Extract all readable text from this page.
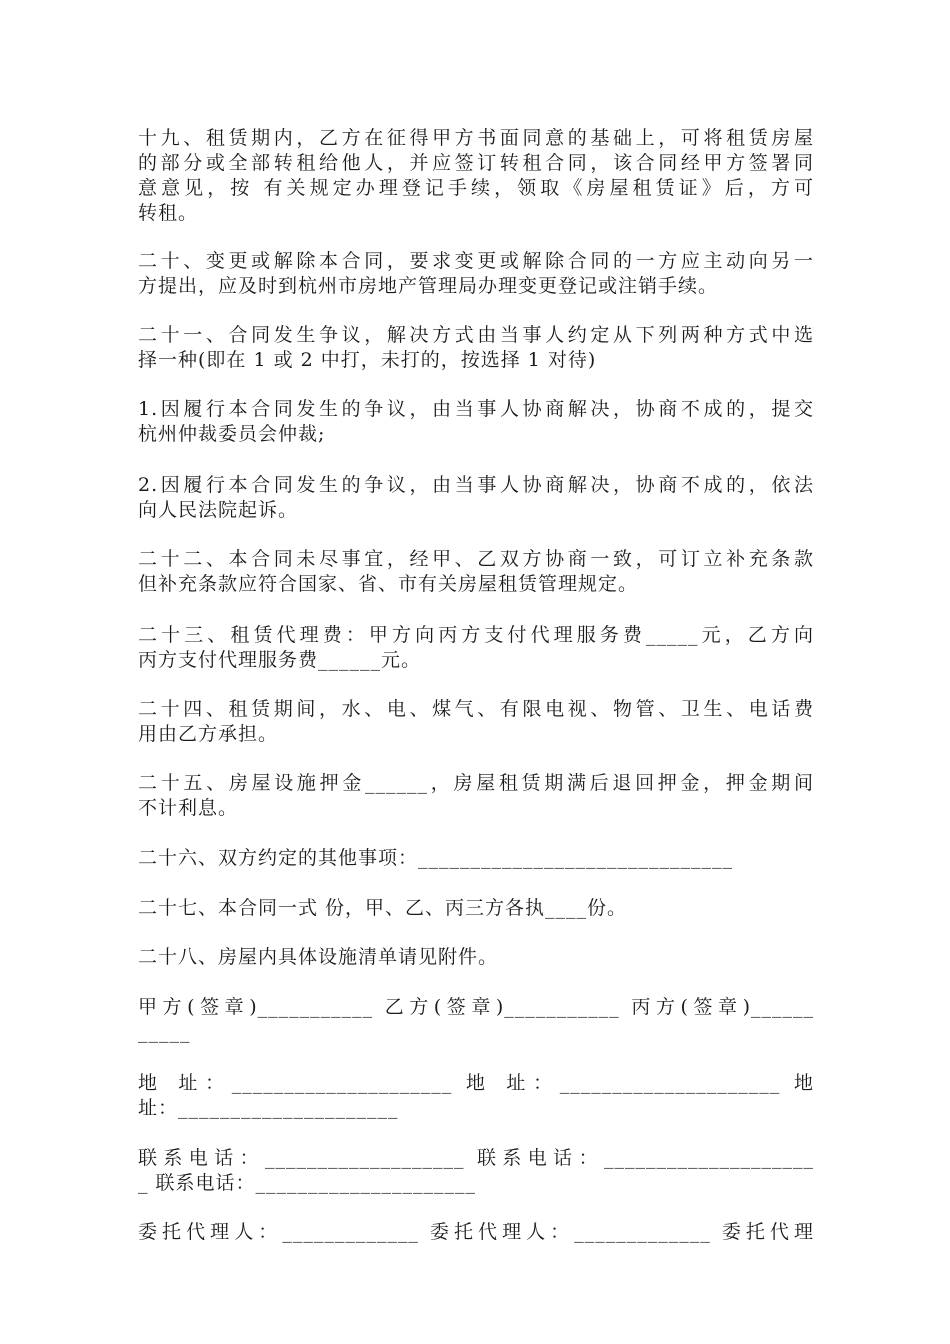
十九、租赁期内，乙方在征得甲方书面同意的基础上，可将租赁房屋
的部分或全部转租给他人，并应签订转租合同，该合同经甲方签署同
意意见，按 有关规定办理登记手续，领取《房屋租赁证》后，方可
转租。

二十、变更或解除本合同，要求变更或解除合同的一方应主动向另一
方提出，应及时到杭州市房地产管理局办理变更登记或注销手续。

二十一、合同发生争议，解决方式由当事人约定从下列两种方式中选
择一种(即在 1 或 2 中打，未打的，按选择 1 对待)

1.因履行本合同发生的争议，由当事人协商解决，协商不成的，提交
杭州仲裁委员会仲裁;

2.因履行本合同发生的争议，由当事人协商解决，协商不成的，依法
向人民法院起诉。

二十二、本合同未尽事宜，经甲、乙双方协商一致，可订立补充条款
但补充条款应符合国家、省、市有关房屋租赁管理规定。

二十三、租赁代理费：甲方向丙方支付代理服务费_____元，乙方向
丙方支付代理服务费______元。

二十四、租赁期间，水、电、煤气、有限电视、物管、卫生、电话费
用由乙方承担。

二十五、房屋设施押金______，房屋租赁期满后退回押金，押金期间
不计利息。

二十六、双方约定的其他事项：______________________________

二十七、本合同一式 份，甲、乙、丙三方各执____份。

二十八、房屋内具体设施清单请见附件。

甲方(签章)___________ 乙方(签章)___________ 丙方(签章)______
_____

地 址：_____________________ 地 址：_____________________ 地
址：_____________________

联系电话：___________________ 联系电话：____________________
_ 联系电话：_____________________

委托代理人：_____________ 委托代理人：_____________ 委托代理
